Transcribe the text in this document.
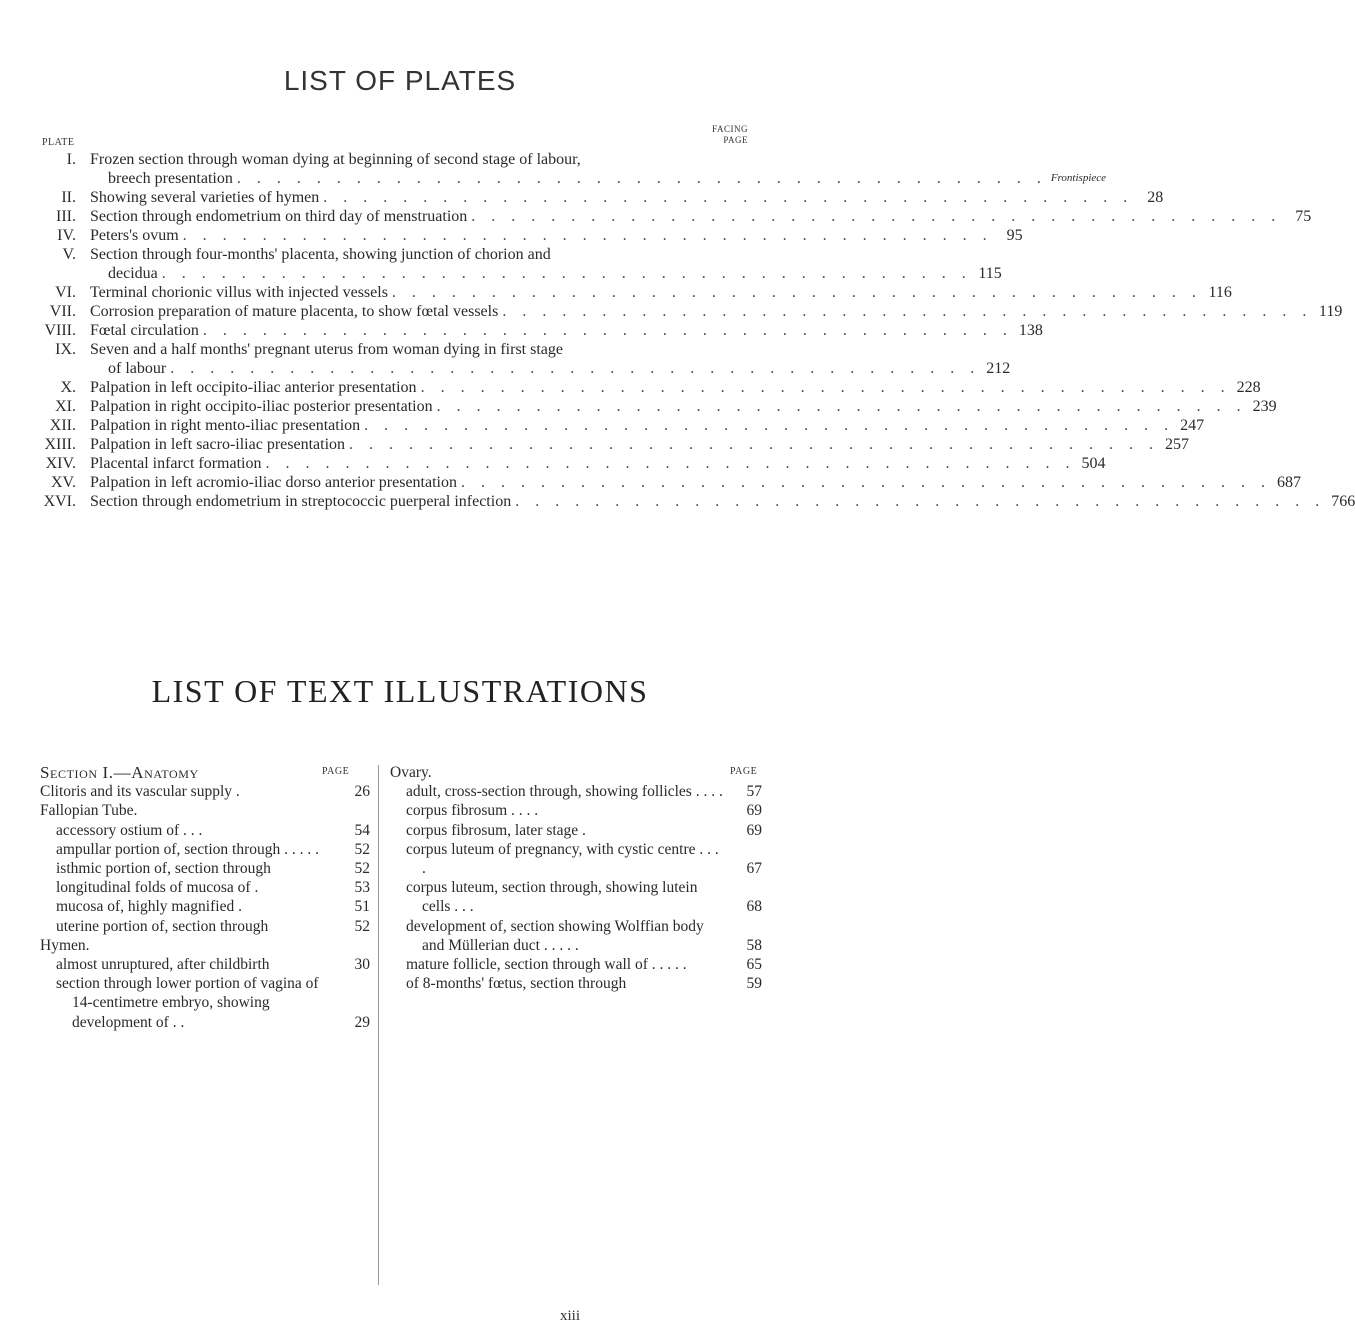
LIST OF PLATES
PLATE
FACING
PAGE
I. Frozen section through woman dying at beginning of second stage of labour,
breech presentation . . . . . . . . . . . . . . . . . . . . . . . . . . . . . . . . . . . . . . . . . Frontispiece
II. Showing several varieties of hymen . . . . . . . . . . . . . . . . . . . . . . . . . . . . . . . . . . . . . . . . . 28
III. Section through endometrium on third day of menstruation . . . . . . . . . . . . . . . . . . . . . . . . . . . . . . . . . . . . . . . . . 75
IV. Peters's ovum . . . . . . . . . . . . . . . . . . . . . . . . . . . . . . . . . . . . . . . . . 95
V. Section through four-months' placenta, showing junction of chorion and
decidua . . . . . . . . . . . . . . . . . . . . . . . . . . . . . . . . . . . . . . . . . 115
VI. Terminal chorionic villus with injected vessels . . . . . . . . . . . . . . . . . . . . . . . . . . . . . . . . . . . . . . . . . 116
VII. Corrosion preparation of mature placenta, to show fœtal vessels . . . . . . . . . . . . . . . . . . . . . . . . . . . . . . . . . . . . . . . . . 119
VIII. Fœtal circulation . . . . . . . . . . . . . . . . . . . . . . . . . . . . . . . . . . . . . . . . . 138
IX. Seven and a half months' pregnant uterus from woman dying in first stage
of labour . . . . . . . . . . . . . . . . . . . . . . . . . . . . . . . . . . . . . . . . . 212
X. Palpation in left occipito-iliac anterior presentation . . . . . . . . . . . . . . . . . . . . . . . . . . . . . . . . . . . . . . . . . 228
XI. Palpation in right occipito-iliac posterior presentation . . . . . . . . . . . . . . . . . . . . . . . . . . . . . . . . . . . . . . . . . 239
XII. Palpation in right mento-iliac presentation . . . . . . . . . . . . . . . . . . . . . . . . . . . . . . . . . . . . . . . . . 247
XIII. Palpation in left sacro-iliac presentation . . . . . . . . . . . . . . . . . . . . . . . . . . . . . . . . . . . . . . . . . 257
XIV. Placental infarct formation . . . . . . . . . . . . . . . . . . . . . . . . . . . . . . . . . . . . . . . . . 504
XV. Palpation in left acromio-iliac dorso anterior presentation . . . . . . . . . . . . . . . . . . . . . . . . . . . . . . . . . . . . . . . . . 687
XVI. Section through endometrium in streptococcic puerperal infection . . . . . . . . . . . . . . . . . . . . . . . . . . . . . . . . . . . . . . . . . 766
LIST OF TEXT ILLUSTRATIONS
PAGE	PAGE
Section I.—Anatomy
Clitoris and its vascular supply .	26
Fallopian Tube.
accessory ostium of . . .	54
ampullar portion of, section through . . . . .	52
isthmic portion of, section through	52
longitudinal folds of mucosa of .	53
mucosa of, highly magnified .	51
uterine portion of, section through	52
Hymen.
almost unruptured, after childbirth	30
section through lower portion of vagina of 14-centimetre embryo, showing development of . .	29
Ovary.
adult, cross-section through, showing follicles . . . .	57
corpus fibrosum . . . .	69
corpus fibrosum, later stage .	69
corpus luteum of pregnancy, with cystic centre . . . .	67
corpus luteum, section through, showing lutein cells . . .	68
development of, section showing Wolffian body and Müllerian duct . . . . .	58
mature follicle, section through wall of . . . . .	65
of 8-months' fœtus, section through	59
xiii
